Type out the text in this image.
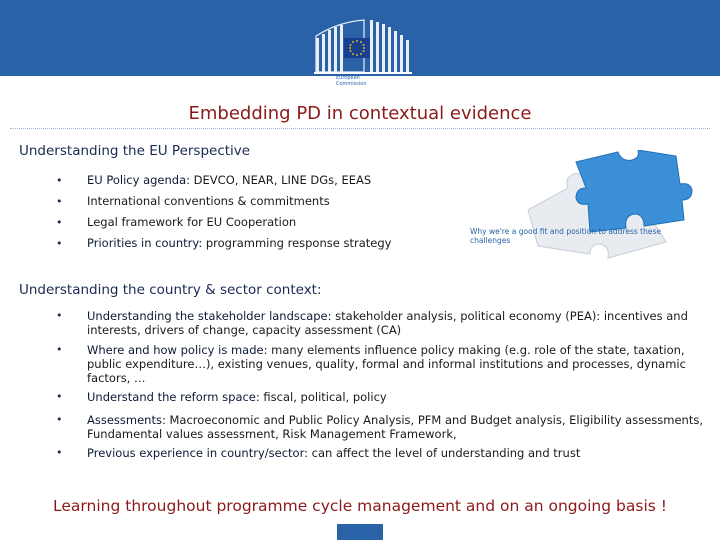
European
Commission
Embedding PD in contextual evidence
Understanding the EU Perspective
• EU Policy agenda: DEVCO, NEAR, LINE DGs, EEAS
• International conventions & commitments
• Legal framework for EU Cooperation
• Priorities in country: programming response strategy
Why we're a good fit and position to address these challenges
Understanding the country & sector context:
• Understanding the stakeholder landscape: stakeholder analysis, political economy (PEA): incentives and interests, drivers of change, capacity assessment (CA)
• Where and how policy is made: many elements influence policy making (e.g. role of the state, taxation, public expenditure…), existing venues, quality, formal and informal institutions and processes, dynamic factors, …
• Understand the reform space: fiscal, political, policy
• Assessments: Macroeconomic and Public Policy Analysis, PFM and Budget analysis, Eligibility assessments, Fundamental values assessment, Risk Management Framework,
• Previous experience in country/sector: can affect the level of understanding and trust

Learning throughout programme cycle management and on an ongoing basis !
